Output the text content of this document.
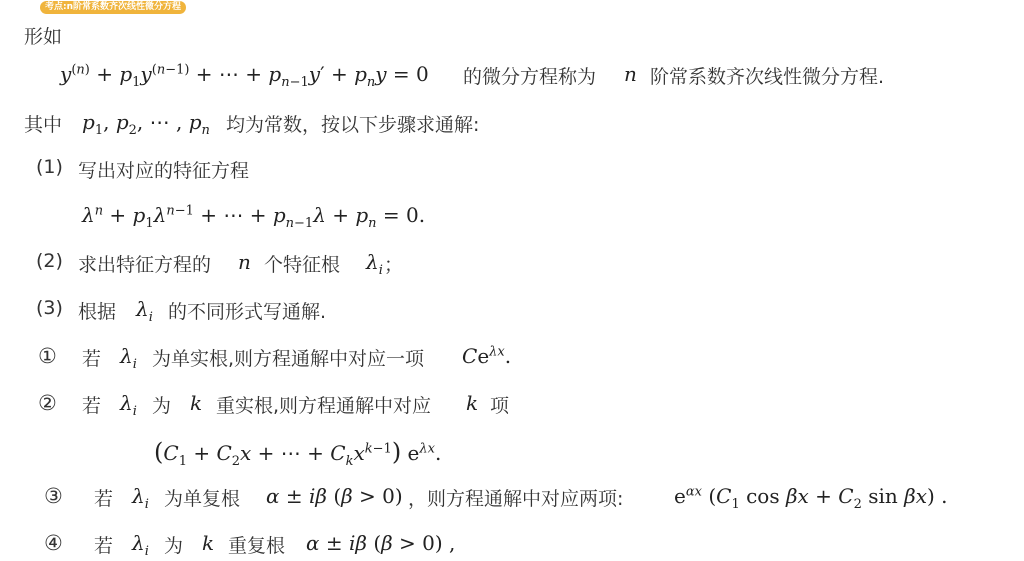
考点:n阶常系数齐次线性微分方程
形如
$y^{(n)} + p_1y^{(n-1)}$ + ⋯ + $p_{n-1}y' + p_ny = 0$ 的微分方程称为 n 阶常系数齐次线性微分方程.
其中 $p_1$, $p_2$, ⋯ , $p_n$ 均为常数，按以下步骤求通解:
(1) 写出对应的特征方程
$\lambda^n + p_1\lambda^{n-1}$ + ⋯ + $p_{n-1}\lambda + p_n = 0$.
(2) 求出特征方程的 n 个特征根 $\lambda_i$ ；
(3) 根据 $\lambda_i$ 的不同形式写通解.
① 若 $\lambda_i$ 为单实根,则方程通解中对应一项 $Ce^{\lambda x}$.
② 若 $\lambda_i$ 为 k 重实根,则方程通解中对应 k 项
($C_1 + C_2x$ + ⋯ + $C_kx^{k-1}$) $e^{\lambda x}$.
③ 若 $\lambda_i$ 为单复根 α ± iβ (β > 0) ，则方程通解中对应两项:	$e^{\alpha x}$ ($C_1$ $\cos \beta x + C_2$ sin βx) .
④ 若 $\lambda_i$ 为 k 重复根 α ± iβ (β > 0) ,
